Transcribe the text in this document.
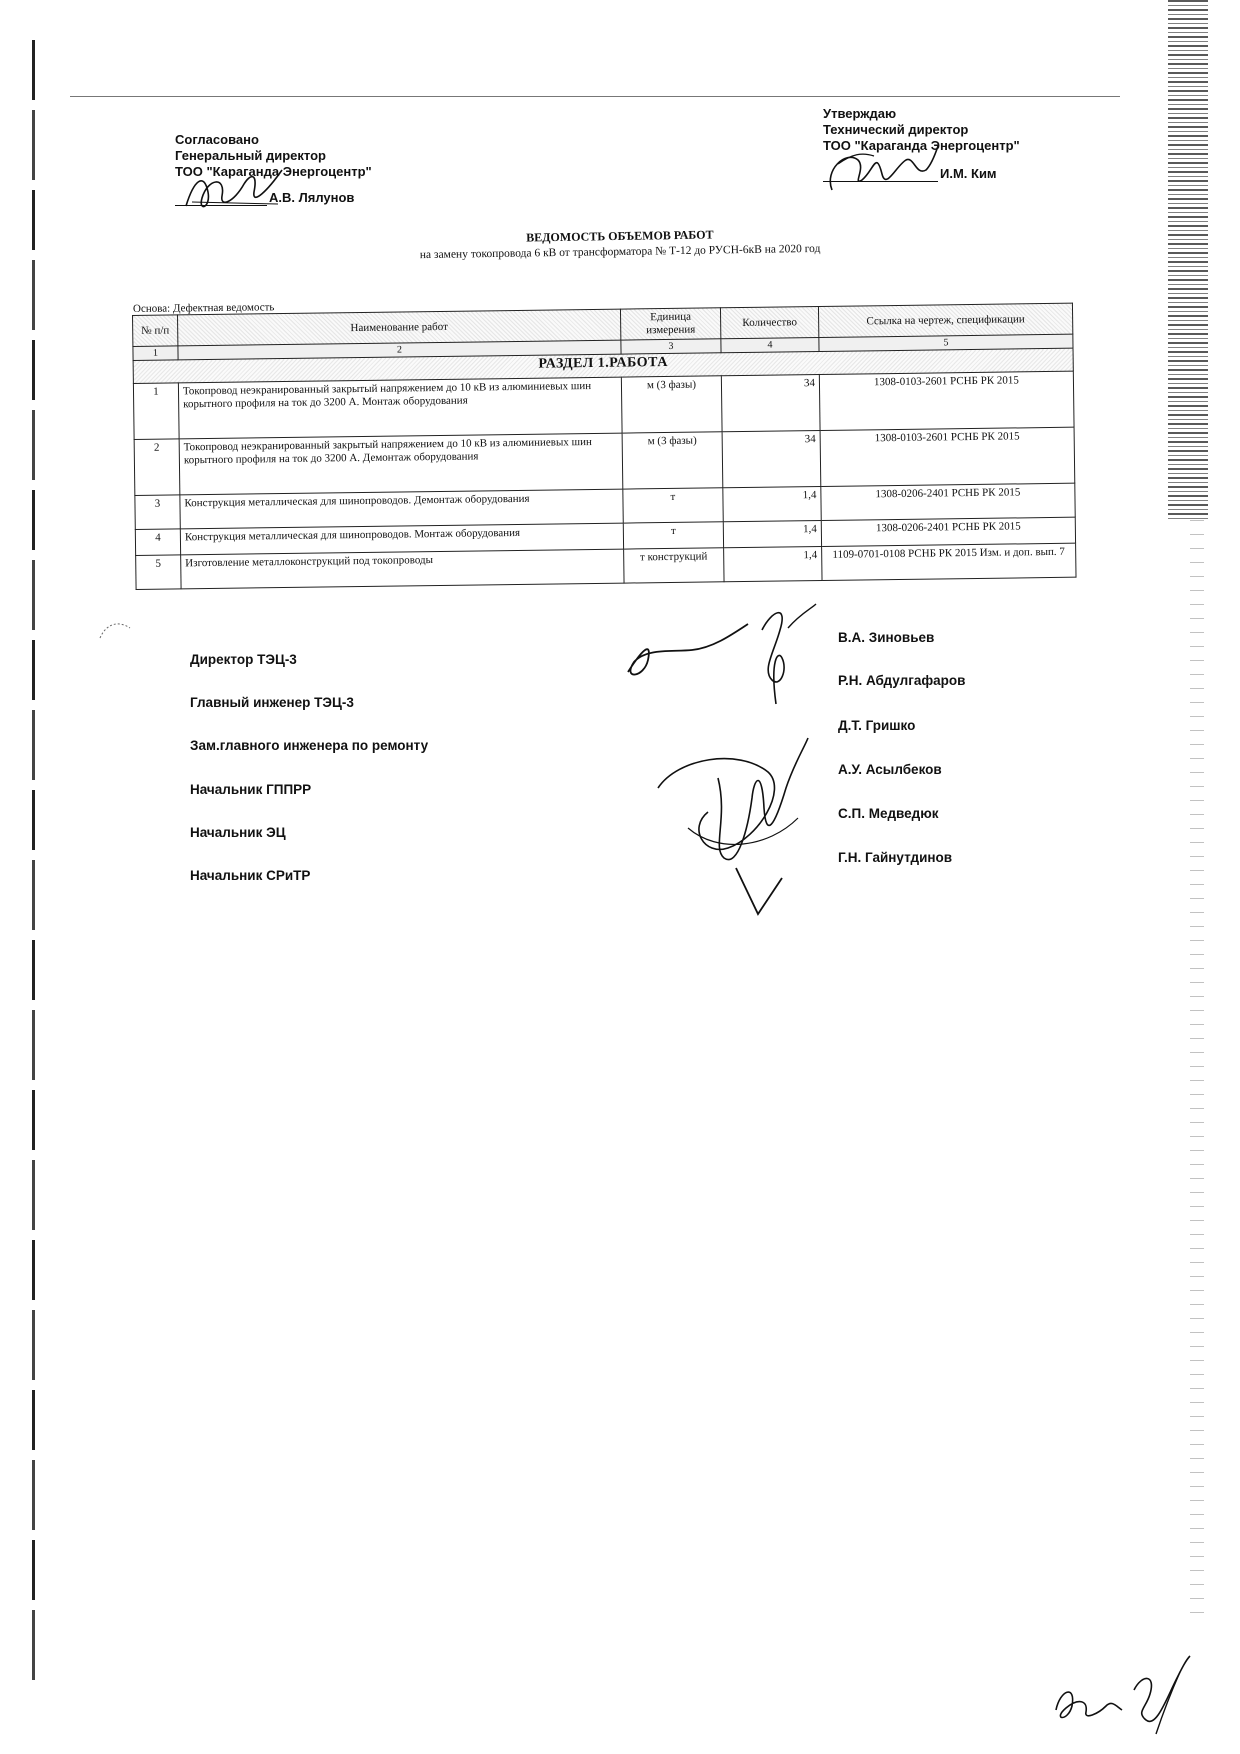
Согласовано
Генеральный директор
ТОО "Караганда Энергоцентр"
А.В. Лялунов
Утверждаю
Технический директор
ТОО "Караганда Энергоцентр"
И.М. Ким
ВЕДОМОСТЬ ОБЪЕМОВ РАБОТ
на замену токопровода 6 кВ от трансформатора № Т-12 до РУСН-6кВ на 2020 год
Основа: Дефектная ведомость
№ п/п	Наименование работ	Единица измерения	Количество	Ссылка на чертеж, спецификации
1	2	3	4	5
РАЗДЕЛ 1.РАБОТА				
1	Токопровод неэкранированный закрытый напряжением до 10 кВ из алюминиевых шин корытного профиля на ток до 3200 А. Монтаж оборудования	м (3 фазы)	34	1308-0103-2601 РСНБ РК 2015
2	Токопровод неэкранированный закрытый напряжением до 10 кВ из алюминиевых шин корытного профиля на ток до 3200 А. Демонтаж оборудования	м (3 фазы)	34	1308-0103-2601 РСНБ РК 2015
3	Конструкция металлическая для шинопроводов. Демонтаж оборудования	т	1,4	1308-0206-2401 РСНБ РК 2015
4	Конструкция металлическая для шинопроводов. Монтаж оборудования	т	1,4	1308-0206-2401 РСНБ РК 2015
5	Изготовление металлоконструкций под токопроводы	т конструкций	1,4	1109-0701-0108 РСНБ РК 2015 Изм. и доп. вып. 7
Директор ТЭЦ-3
В.А. Зиновьев
Главный инженер ТЭЦ-3
Р.Н. Абдулгафаров
Зам.главного инженера по ремонту
Д.Т. Гришко
Начальник ГППРР
А.У. Асылбеков
Начальник ЭЦ
С.П. Медведюк
Начальник СРиТР
Г.Н. Гайнутдинов
